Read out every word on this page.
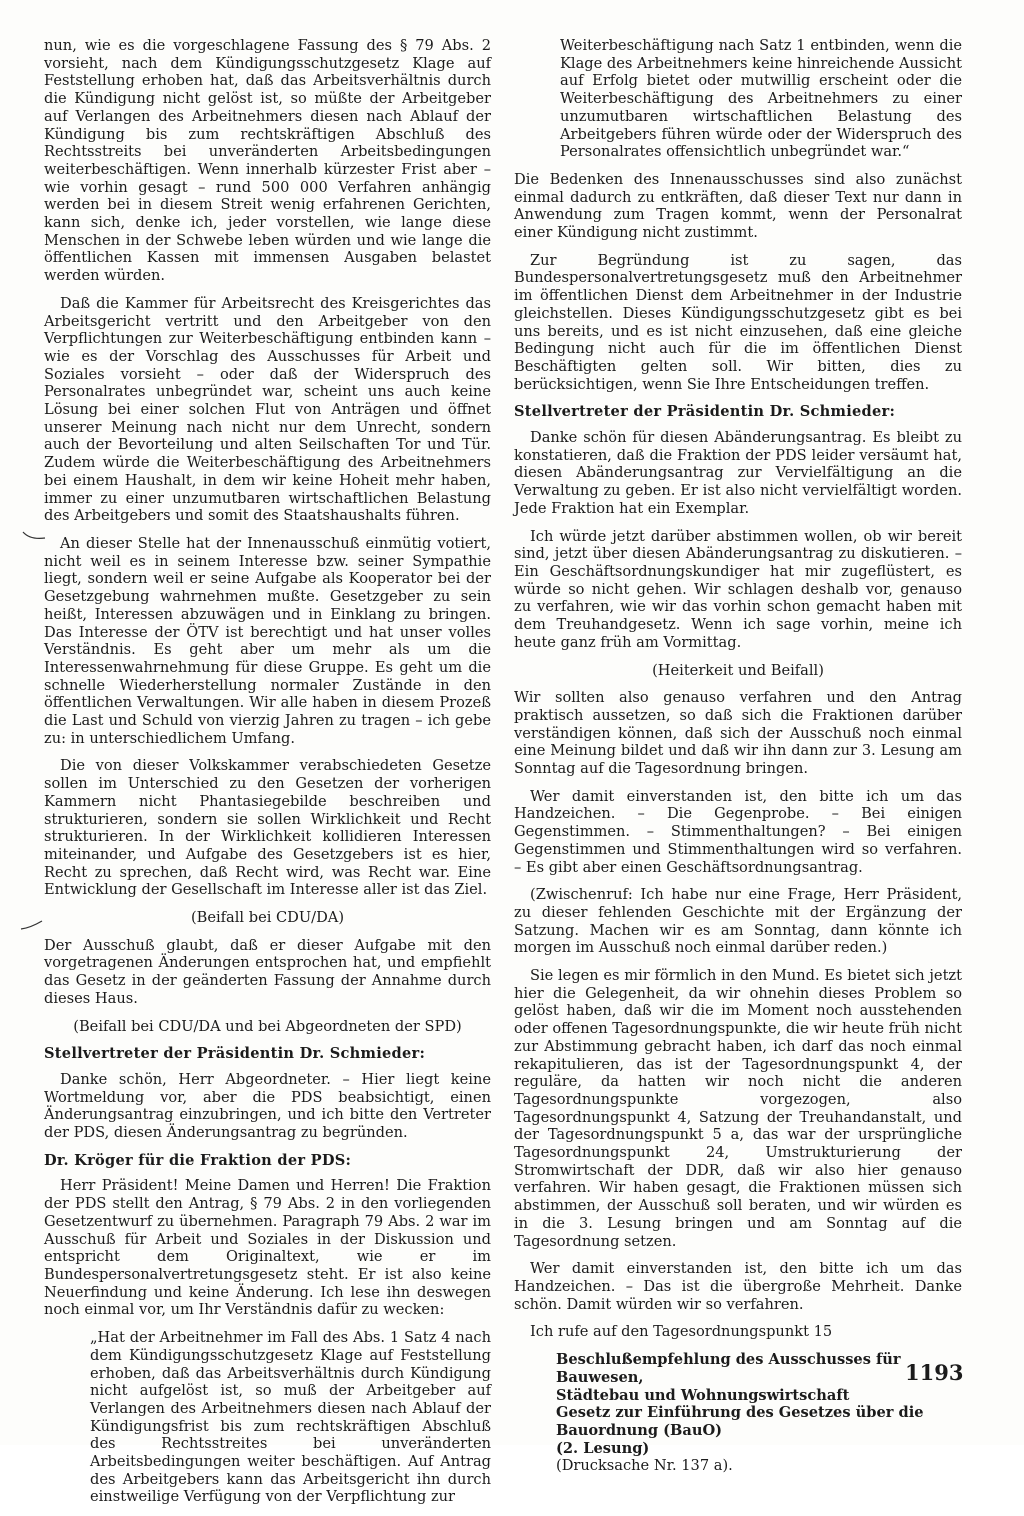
nun, wie es die vorgeschlagene Fassung des § 79 Abs. 2 vorsieht, nach dem Kündigungsschutzgesetz Klage auf Feststellung erhoben hat, daß das Arbeitsverhältnis durch die Kündigung nicht gelöst ist, so müßte der Arbeitgeber auf Verlangen des Arbeitnehmers diesen nach Ablauf der Kündigung bis zum rechtskräftigen Abschluß des Rechtsstreits bei unveränderten Arbeitsbedingungen weiterbeschäftigen. Wenn innerhalb kürzester Frist aber – wie vorhin gesagt – rund 500 000 Verfahren anhängig werden bei in diesem Streit wenig erfahrenen Gerichten, kann sich, denke ich, jeder vorstellen, wie lange diese Menschen in der Schwebe leben würden und wie lange die öffentlichen Kassen mit immensen Ausgaben belastet werden würden.

Daß die Kammer für Arbeitsrecht des Kreisgerichtes das Arbeitsgericht vertritt und den Arbeitgeber von den Verpflichtungen zur Weiterbeschäftigung entbinden kann – wie es der Vorschlag des Ausschusses für Arbeit und Soziales vorsieht – oder daß der Widerspruch des Personalrates unbegründet war, scheint uns auch keine Lösung bei einer solchen Flut von Anträgen und öffnet unserer Meinung nach nicht nur dem Unrecht, sondern auch der Bevorteilung und alten Seilschaften Tor und Tür. Zudem würde die Weiterbeschäftigung des Arbeitnehmers bei einem Haushalt, in dem wir keine Hoheit mehr haben, immer zu einer unzumutbaren wirtschaftlichen Belastung des Arbeitgebers und somit des Staatshaushalts führen.

An dieser Stelle hat der Innenausschuß einmütig votiert, nicht weil es in seinem Interesse bzw. seiner Sympathie liegt, sondern weil er seine Aufgabe als Kooperator bei der Gesetzgebung wahrnehmen mußte. Gesetzgeber zu sein heißt, Interessen abzuwägen und in Einklang zu bringen. Das Interesse der ÖTV ist berechtigt und hat unser volles Verständnis. Es geht aber um mehr als um die Interessenwahrnehmung für diese Gruppe. Es geht um die schnelle Wiederherstellung normaler Zustände in den öffentlichen Verwaltungen. Wir alle haben in diesem Prozeß die Last und Schuld von vierzig Jahren zu tragen – ich gebe zu: in unterschiedlichem Umfang.

Die von dieser Volkskammer verabschiedeten Gesetze sollen im Unterschied zu den Gesetzen der vorherigen Kammern nicht Phantasiegebilde beschreiben und strukturieren, sondern sie sollen Wirklichkeit und Recht strukturieren. In der Wirklichkeit kollidieren Interessen miteinander, und Aufgabe des Gesetzgebers ist es hier, Recht zu sprechen, daß Recht wird, was Recht war. Eine Entwicklung der Gesellschaft im Interesse aller ist das Ziel.

(Beifall bei CDU/DA)

Der Ausschuß glaubt, daß er dieser Aufgabe mit den vorgetragenen Änderungen entsprochen hat, und empfiehlt das Gesetz in der geänderten Fassung der Annahme durch dieses Haus.

(Beifall bei CDU/DA und bei Abgeordneten der SPD)

Stellvertreter der Präsidentin Dr. Schmieder:

Danke schön, Herr Abgeordneter. – Hier liegt keine Wortmeldung vor, aber die PDS beabsichtigt, einen Änderungsantrag einzubringen, und ich bitte den Vertreter der PDS, diesen Änderungsantrag zu begründen.

Dr. Kröger für die Fraktion der PDS:

Herr Präsident! Meine Damen und Herren! Die Fraktion der PDS stellt den Antrag, § 79 Abs. 2 in den vorliegenden Gesetzentwurf zu übernehmen. Paragraph 79 Abs. 2 war im Ausschuß für Arbeit und Soziales in der Diskussion und entspricht dem Originaltext, wie er im Bundespersonalvertretungsgesetz steht. Er ist also keine Neuerfindung und keine Änderung. Ich lese ihn deswegen noch einmal vor, um Ihr Verständnis dafür zu wecken:

„Hat der Arbeitnehmer im Fall des Abs. 1 Satz 4 nach dem Kündigungsschutzgesetz Klage auf Feststellung erhoben, daß das Arbeitsverhältnis durch Kündigung nicht aufgelöst ist, so muß der Arbeitgeber auf Verlangen des Arbeitnehmers diesen nach Ablauf der Kündigungsfrist bis zum rechtskräftigen Abschluß des Rechtsstreites bei unveränderten Arbeitsbedingungen weiter beschäftigen. Auf Antrag des Arbeitgebers kann das Arbeitsgericht ihn durch einstweilige Verfügung von der Verpflichtung zur

Weiterbeschäftigung nach Satz 1 entbinden, wenn die Klage des Arbeitnehmers keine hinreichende Aussicht auf Erfolg bietet oder mutwillig erscheint oder die Weiterbeschäftigung des Arbeitnehmers zu einer unzumutbaren wirtschaftlichen Belastung des Arbeitgebers führen würde oder der Widerspruch des Personalrates offensichtlich unbegründet war.“

Die Bedenken des Innenausschusses sind also zunächst einmal dadurch zu entkräften, daß dieser Text nur dann in Anwendung zum Tragen kommt, wenn der Personalrat einer Kündigung nicht zustimmt.

Zur Begründung ist zu sagen, das Bundespersonalvertretungsgesetz muß den Arbeitnehmer im öffentlichen Dienst dem Arbeitnehmer in der Industrie gleichstellen. Dieses Kündigungsschutzgesetz gibt es bei uns bereits, und es ist nicht einzusehen, daß eine gleiche Bedingung nicht auch für die im öffentlichen Dienst Beschäftigten gelten soll. Wir bitten, dies zu berücksichtigen, wenn Sie Ihre Entscheidungen treffen.

Stellvertreter der Präsidentin Dr. Schmieder:

Danke schön für diesen Abänderungsantrag. Es bleibt zu konstatieren, daß die Fraktion der PDS leider versäumt hat, diesen Abänderungsantrag zur Vervielfältigung an die Verwaltung zu geben. Er ist also nicht vervielfältigt worden. Jede Fraktion hat ein Exemplar.

Ich würde jetzt darüber abstimmen wollen, ob wir bereit sind, jetzt über diesen Abänderungsantrag zu diskutieren. – Ein Geschäftsordnungskundiger hat mir zugeflüstert, es würde so nicht gehen. Wir schlagen deshalb vor, genauso zu verfahren, wie wir das vorhin schon gemacht haben mit dem Treuhandgesetz. Wenn ich sage vorhin, meine ich heute ganz früh am Vormittag.

(Heiterkeit und Beifall)

Wir sollten also genauso verfahren und den Antrag praktisch aussetzen, so daß sich die Fraktionen darüber verständigen können, daß sich der Ausschuß noch einmal eine Meinung bildet und daß wir ihn dann zur 3. Lesung am Sonntag auf die Tagesordnung bringen.

Wer damit einverstanden ist, den bitte ich um das Handzeichen. – Die Gegenprobe. – Bei einigen Gegenstimmen. – Stimmenthaltungen? – Bei einigen Gegenstimmen und Stimmenthaltungen wird so verfahren. – Es gibt aber einen Geschäftsordnungsantrag.

(Zwischenruf: Ich habe nur eine Frage, Herr Präsident, zu dieser fehlenden Geschichte mit der Ergänzung der Satzung. Machen wir es am Sonntag, dann könnte ich morgen im Ausschuß noch einmal darüber reden.)

Sie legen es mir förmlich in den Mund. Es bietet sich jetzt hier die Gelegenheit, da wir ohnehin dieses Problem so gelöst haben, daß wir die im Moment noch ausstehenden oder offenen Tagesordnungspunkte, die wir heute früh nicht zur Abstimmung gebracht haben, ich darf das noch einmal rekapitulieren, das ist der Tagesordnungspunkt 4, der reguläre, da hatten wir noch nicht die anderen Tagesordnungspunkte vorgezogen, also Tagesordnungspunkt 4, Satzung der Treuhandanstalt, und der Tagesordnungspunkt 5 a, das war der ursprüngliche Tagesordnungspunkt 24, Umstrukturierung der Stromwirtschaft der DDR, daß wir also hier genauso verfahren. Wir haben gesagt, die Fraktionen müssen sich abstimmen, der Ausschuß soll beraten, und wir würden es in die 3. Lesung bringen und am Sonntag auf die Tagesordnung setzen.

Wer damit einverstanden ist, den bitte ich um das Handzeichen. – Das ist die übergroße Mehrheit. Danke schön. Damit würden wir so verfahren.

Ich rufe auf den Tagesordnungspunkt 15

Beschlußempfehlung des Ausschusses für Bauwesen,
Städtebau und Wohnungswirtschaft
Gesetz zur Einführung des Gesetzes über die
Bauordnung (BauO)
(2. Lesung)
(Drucksache Nr. 137 a).
1193
